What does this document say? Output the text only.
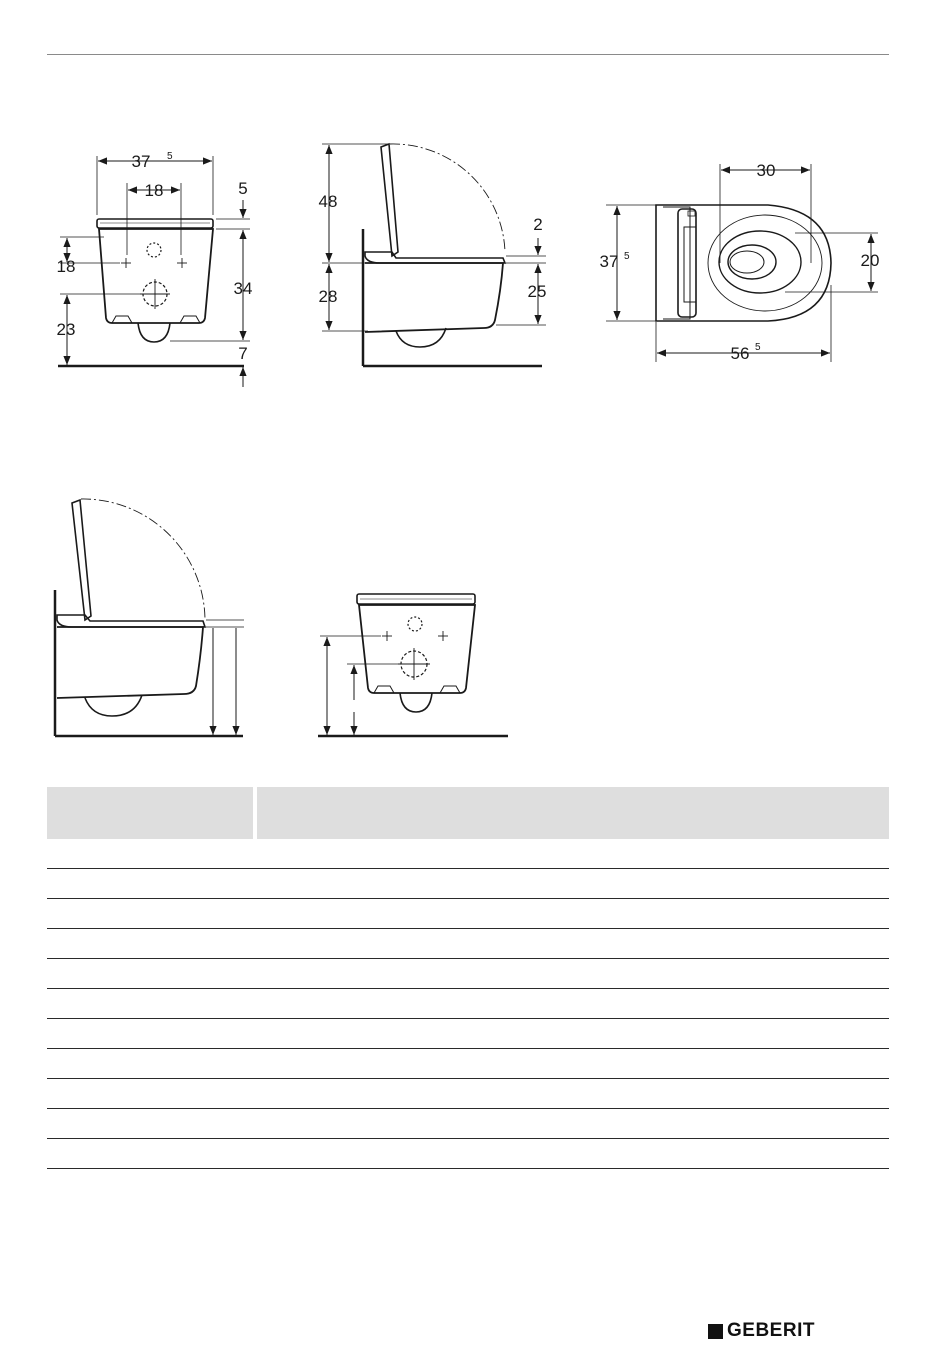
37 5
18	5
18
23
34
7
48
28
2
25
30
37 5
56 5
20
GEBERIT
